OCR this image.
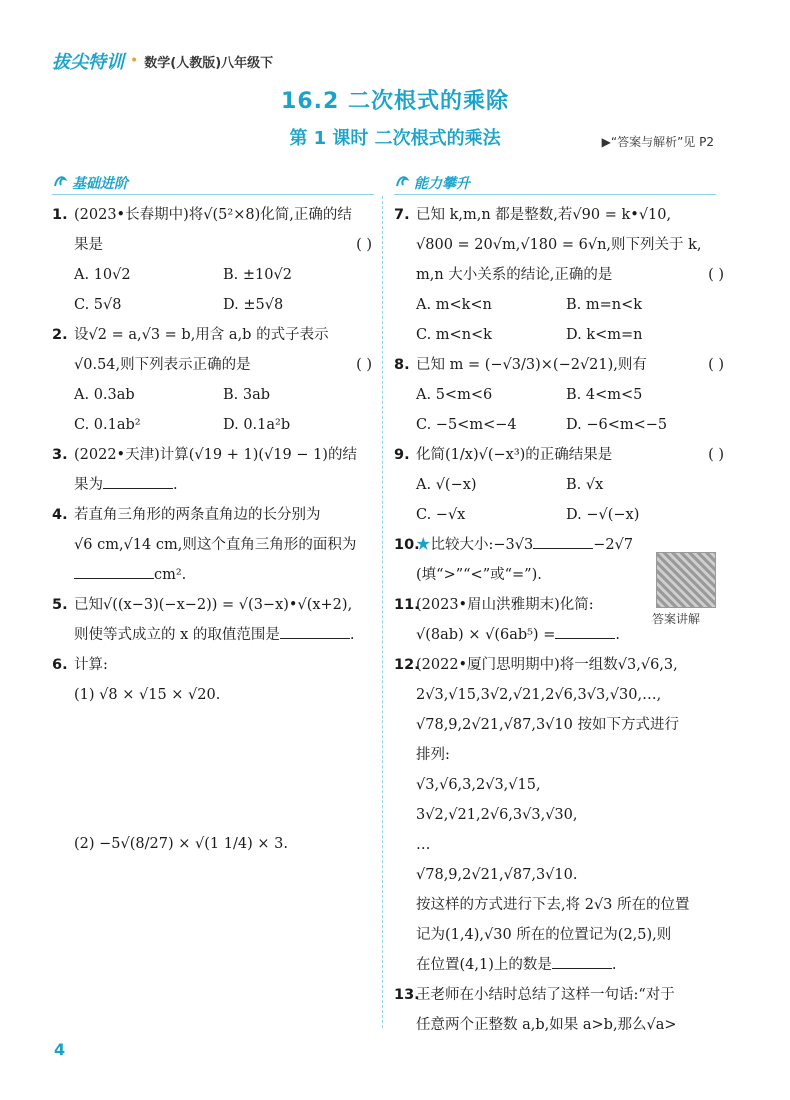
拔尖特训 • 数学(人教版)八年级下
16.2 二次根式的乘除
第 1 课时 二次根式的乘法	▶“答案与解析”见 P2
基础进阶	能力攀升
1. (2023•长春期中)将√(5²×8)化简,正确的结
果是	( )
A. 10√2	B. ±10√2
C. 5√8	D. ±5√8
2. 设√2 = a,√3 = b,用含 a,b 的式子表示
√0.54,则下列表示正确的是	( )
A. 0.3ab	B. 3ab
C. 0.1ab²	D. 0.1a²b
3. (2022•天津)计算(√19 + 1)(√19 − 1)的结
果为	.
4. 若直角三角形的两条直角边的长分别为
√6 cm,√14 cm,则这个直角三角形的面积为
cm².
5. 已知√((x−3)(−x−2)) = √(3−x)•√(x+2),
则使等式成立的 x 的取值范围是	.
6. 计算:
(1) √8 × √15 × √20.
7. 已知 k,m,n 都是整数,若√90 = k•√10,
√800 = 20√m,√180 = 6√n,则下列关于 k,
m,n 大小关系的结论,正确的是	( )
A. m<k<n	B. m=n<k
C. m<n<k	D. k<m=n
8. 已知 m = (−√3/3)×(−2√21),则有	( )
A. 5<m<6	B. 4<m<5
C. −5<m<−4	D. −6<m<−5
9. 化简(1/x)√(−x³)的正确结果是	( )
A. √(−x)	B. √x
C. −√x	D. −√(−x)
10.★比较大小:−3√3	−2√7
(填“>”“<”或“=”).
11.(2023•眉山洪雅期末)化简:
√(8ab) × √(6ab⁵) =	.
12.(2022•厦门思明期中)将一组数√3,√6,3,
2√3,√15,3√2,√21,2√6,3√3,√30,…,
√78,9,2√21,√87,3√10 按如下方式进行
排列:
√3,√6,3,2√3,√15,
3√2,√21,2√6,3√3,√30,
…
√78,9,2√21,√87,3√10.
按这样的方式进行下去,将 2√3 所在的位置
记为(1,4),√30 所在的位置记为(2,5),则
在位置(4,1)上的数是	.
13.王老师在小结时总结了这样一句话:“对于
任意两个正整数 a,b,如果 a>b,那么√a>
(2) −5√(8/27) × √(1 1/4) × 3.
答案讲解
4
